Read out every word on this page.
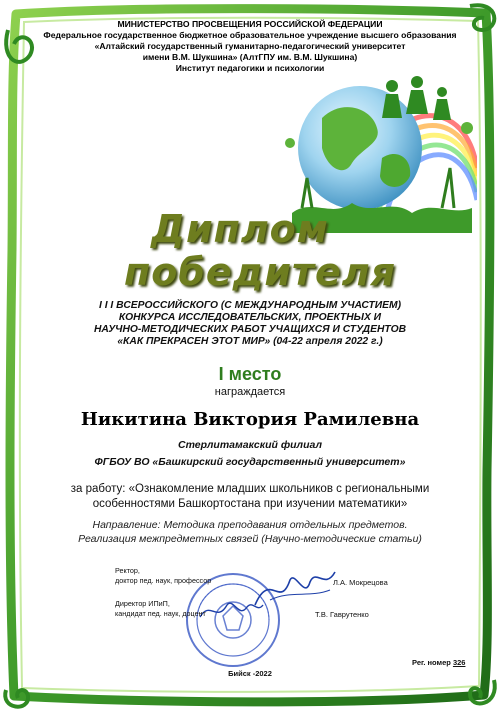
МИНИСТЕРСТВО ПРОСВЕЩЕНИЯ РОССИЙСКОЙ ФЕДЕРАЦИИ
Федеральное государственное бюджетное образовательное учреждение высшего образования
«Алтайский государственный гуманитарно-педагогический университет
имени В.М. Шукшина» (АлтГПУ им. В.М. Шукшина)
Институт педагогики и психологии
Диплом
победителя
I I I ВСЕРОССИЙСКОГО (С МЕЖДУНАРОДНЫМ УЧАСТИЕМ)
КОНКУРСА ИССЛЕДОВАТЕЛЬСКИХ, ПРОЕКТНЫХ И
НАУЧНО-МЕТОДИЧЕСКИХ РАБОТ УЧАЩИХСЯ И СТУДЕНТОВ
«КАК ПРЕКРАСЕН ЭТОТ МИР» (04-22 апреля 2022 г.)
I место
награждается
Никитина Виктория Рамилевна
Стерлитамакский филиал
ФГБОУ ВО «Башкирский государственный университет»
за работу: «Ознакомление младших школьников с региональными
особенностями Башкортостана при изучении математики»
Направление: Методика преподавания отдельных предметов.
Реализация межпредметных связей (Научно-методические статьи)
Ректор,
доктор пед. наук, профессор	Л.А. Мокрецова
Директор ИПиП,
кандидат пед. наук, доцент	Т.В. Гаврутенко
Рег. номер 326
Бийск -2022
